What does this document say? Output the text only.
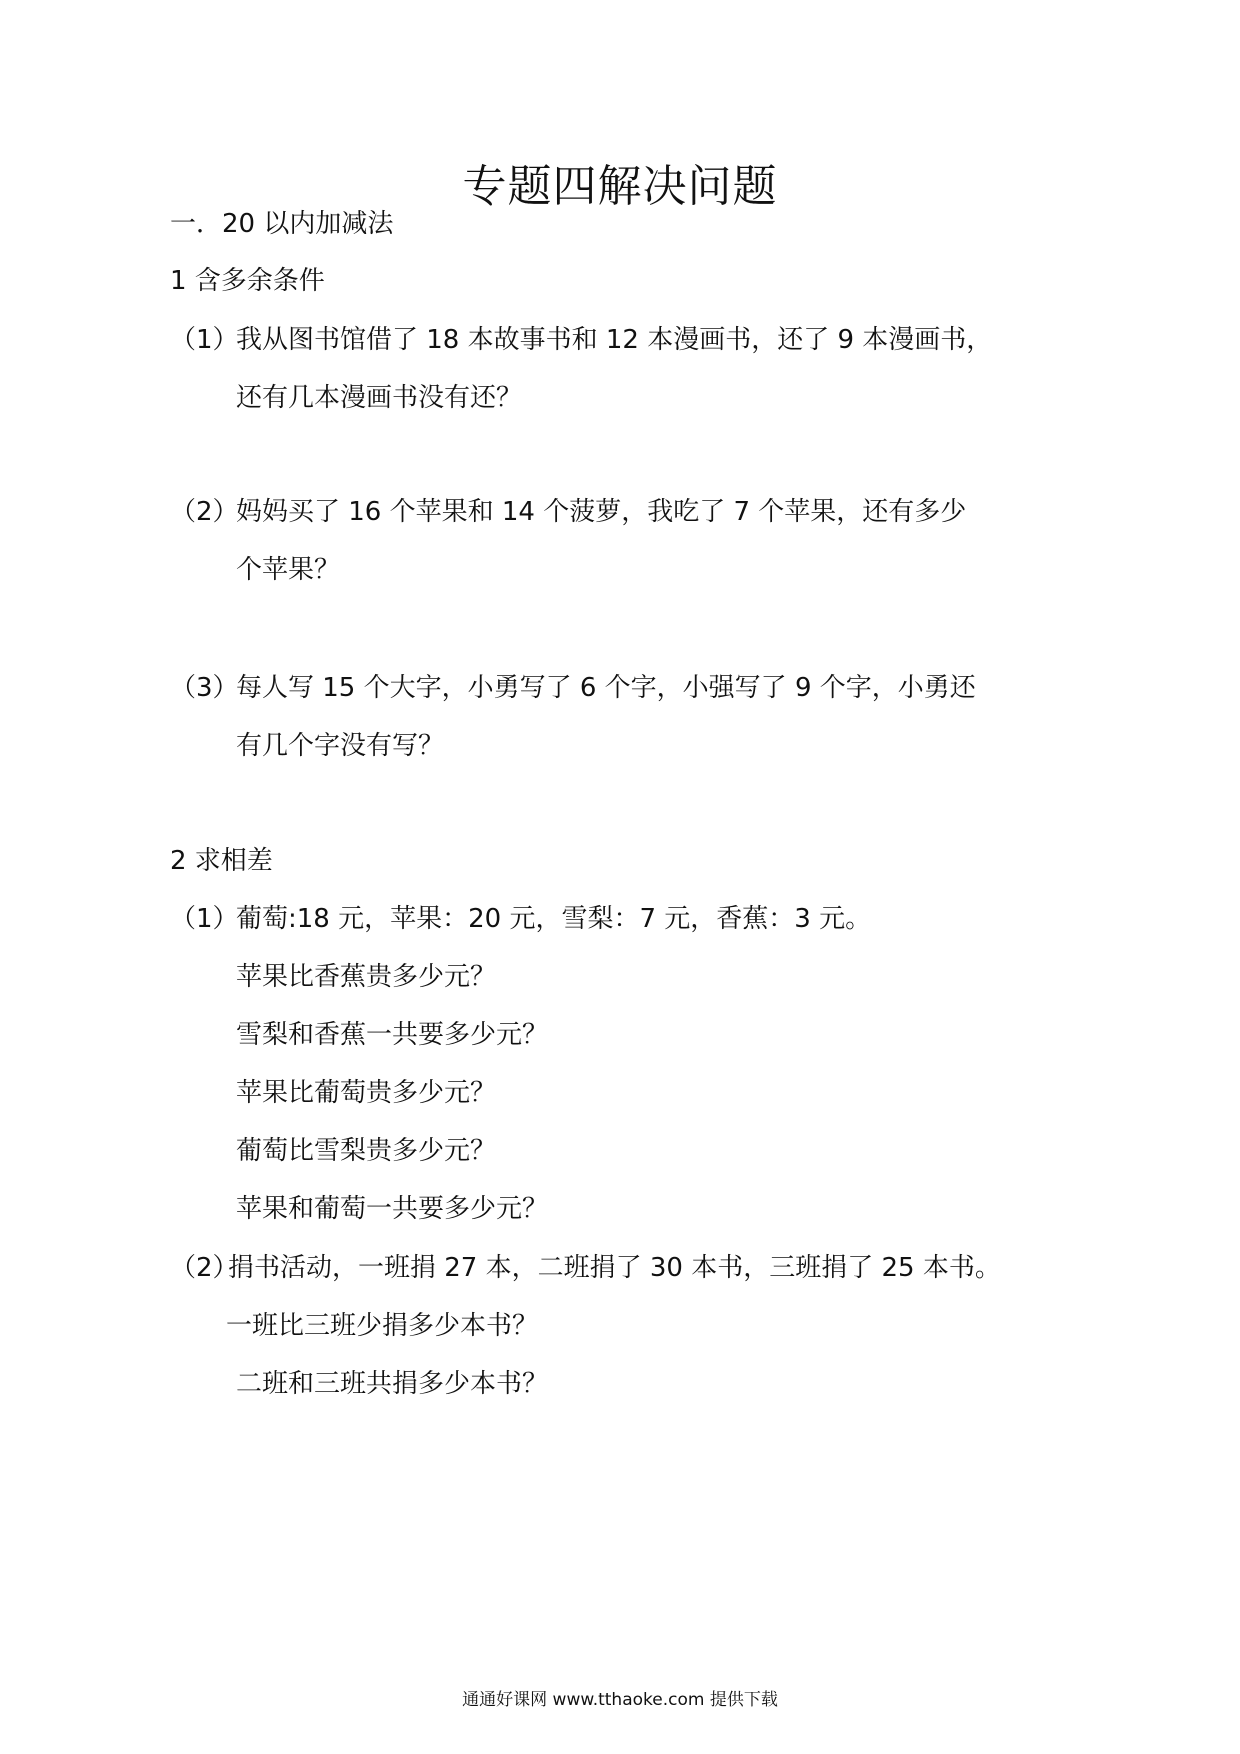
专题四解决问题
一．20 以内加减法
1 含多余条件
（1）
我从图书馆借了 18 本故事书和 12 本漫画书，还了 9 本漫画书，
还有几本漫画书没有还？
（2）
妈妈买了 16 个苹果和 14 个菠萝，我吃了 7 个苹果，还有多少
个苹果？
（3）
每人写 15 个大字，小勇写了 6 个字，小强写了 9 个字，小勇还
有几个字没有写？
2 求相差
（1）
葡萄:18 元，苹果：20 元，雪梨：7 元，香蕉：3 元。
苹果比香蕉贵多少元？
雪梨和香蕉一共要多少元？
苹果比葡萄贵多少元？
葡萄比雪梨贵多少元？
苹果和葡萄一共要多少元？
（2）
捐书活动，一班捐 27 本，二班捐了 30 本书，三班捐了 25 本书。
一班比三班少捐多少本书？
二班和三班共捐多少本书？
通通好课网 www.tthaoke.com 提供下载
